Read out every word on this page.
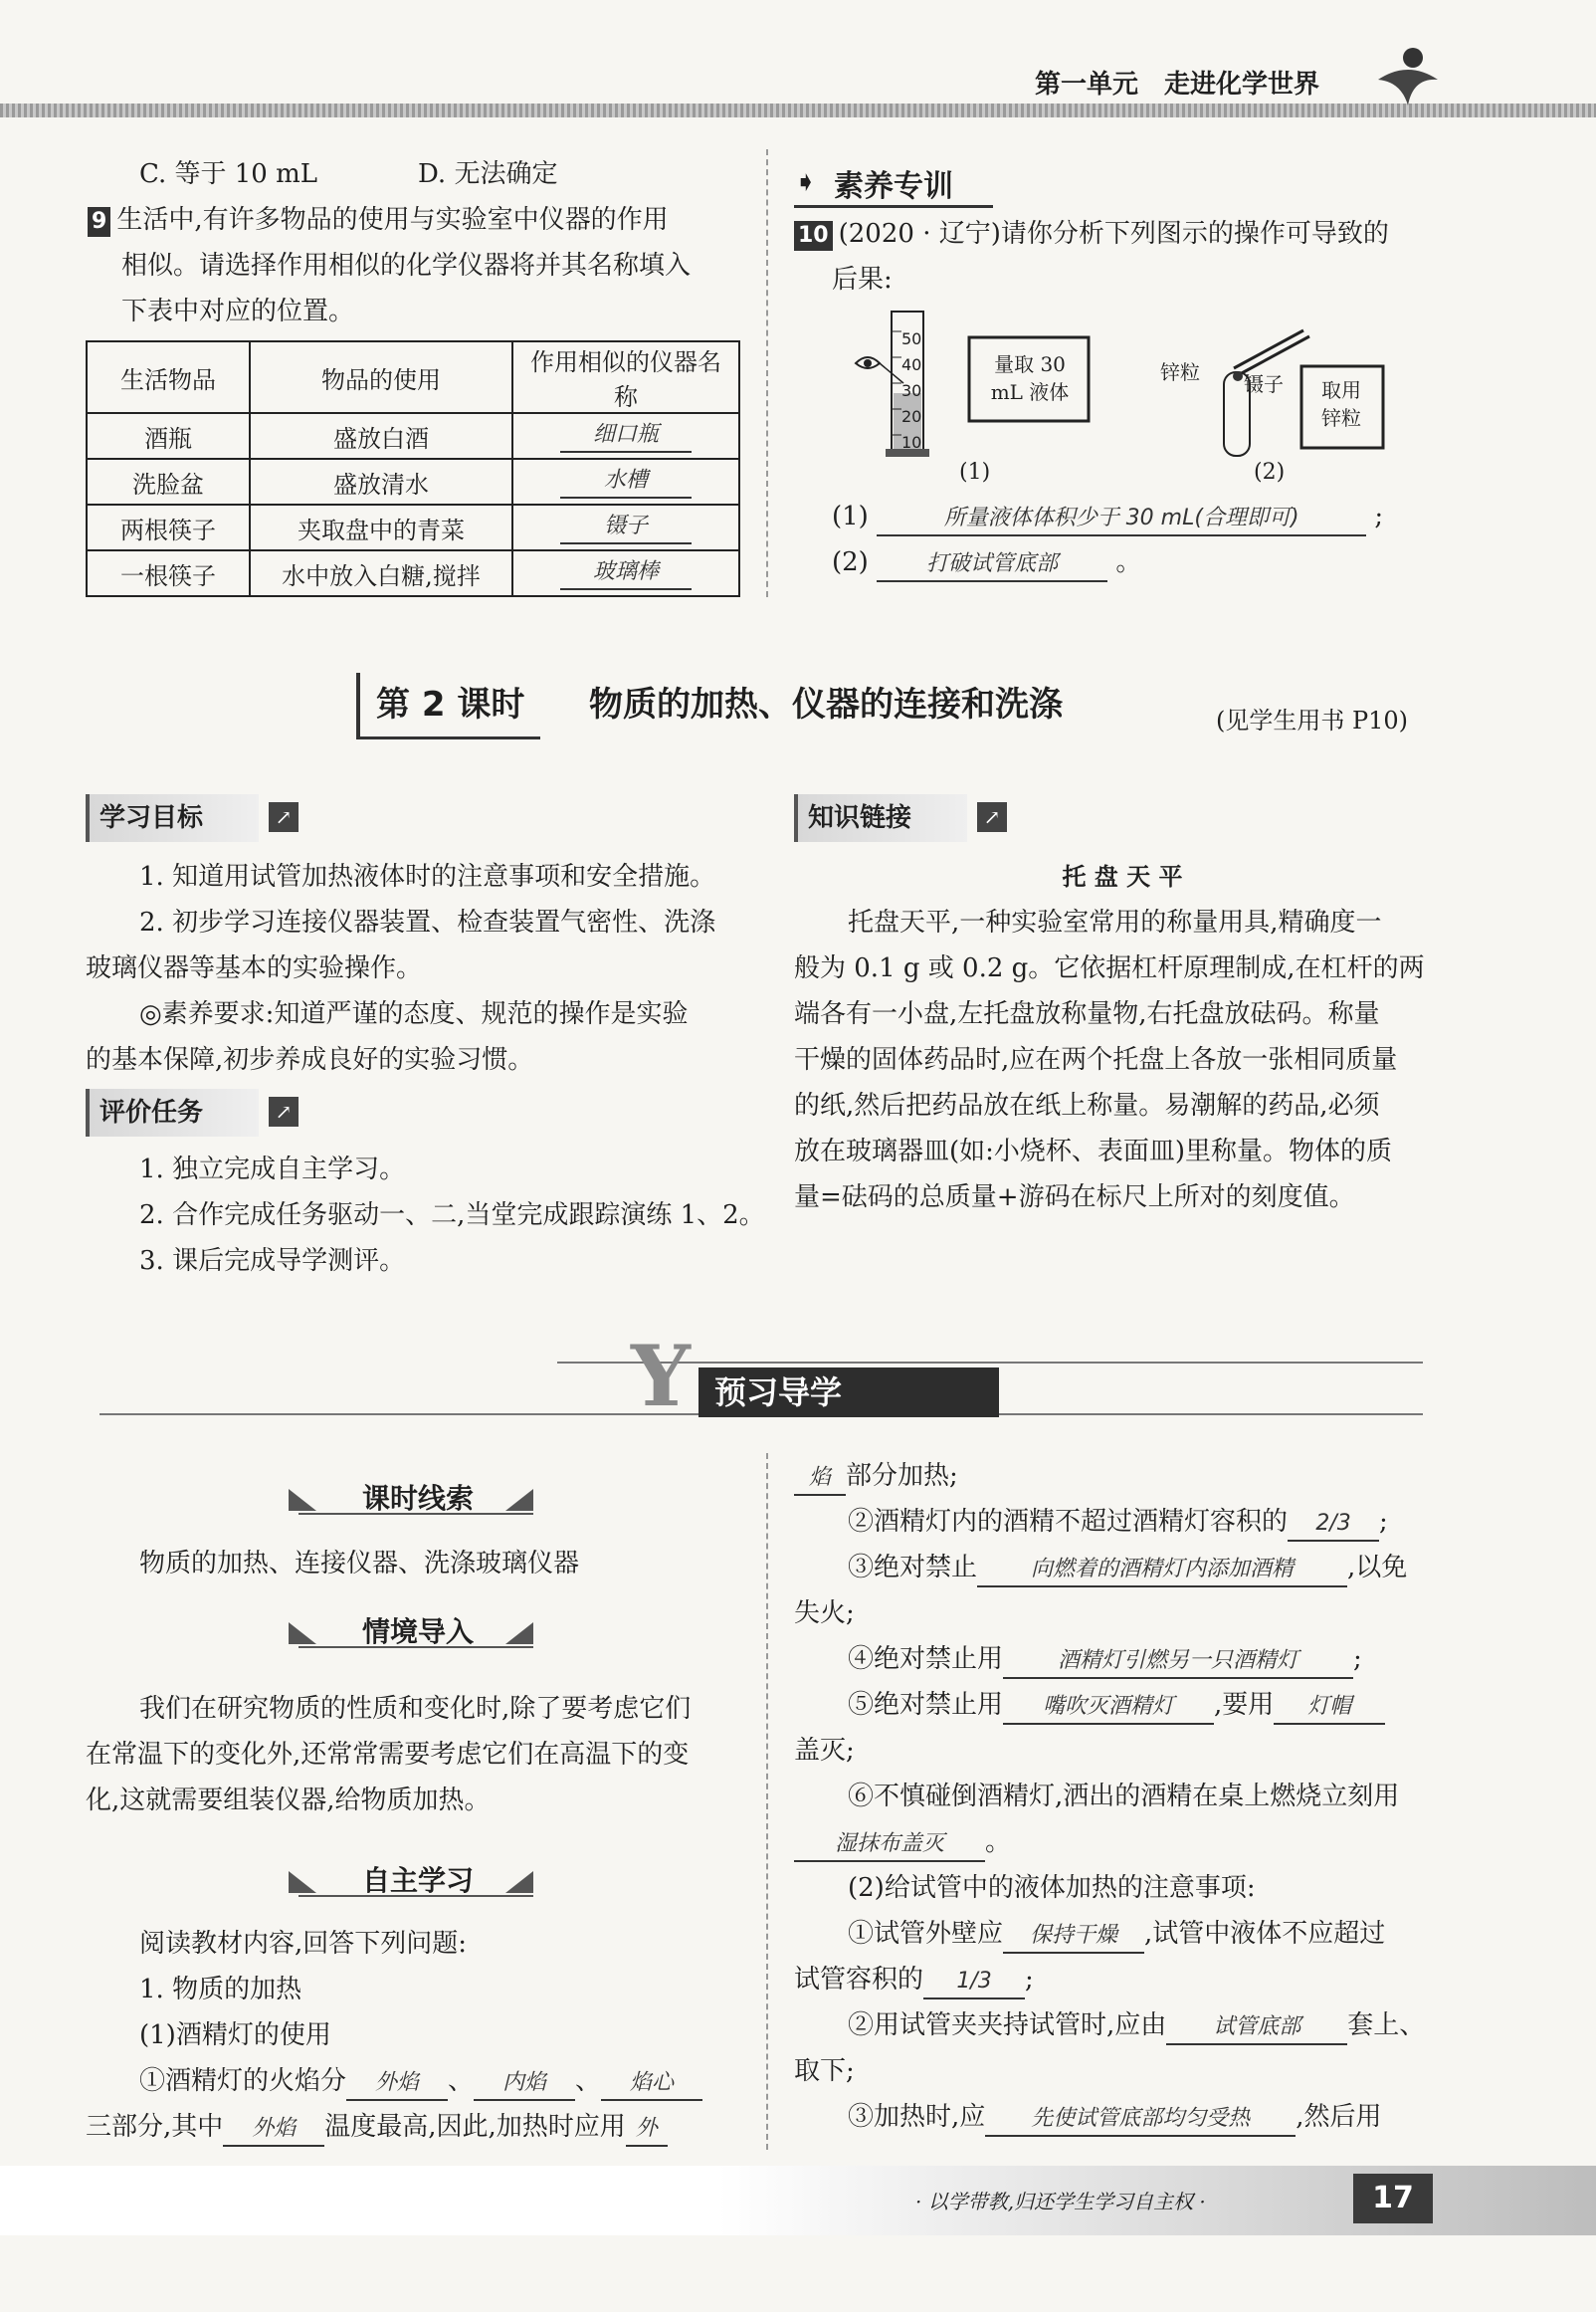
第一单元　走进化学世界
C. 等于 10 mL	D. 无法确定
9 生活中,有许多物品的使用与实验室中仪器的作用
相似。请选择作用相似的化学仪器将并其名称填入
下表中对应的位置。
生活物品	物品的使用	作用相似的仪器名称
酒瓶	盛放白酒	细口瓶
洗脸盆	盛放清水	水槽
两根筷子	夹取盘中的青菜	镊子
一根筷子	水中放入白糖,搅拌	玻璃棒
➧ 素养专训
10 (2020 · 辽宁)请你分析下列图示的操作可导致的
后果:
50
40
30
20
10
量取 30 mL 液体
(1)
锌粒 镊子	取用 锌粒
(2)
(1)	所量液体体积少于 30 mL(合理即可)	;
(2)	打破试管底部 。
第 2 课时	物质的加热、仪器的连接和洗涤	(见学生用书 P10)
学习目标	↗
1. 知道用试管加热液体时的注意事项和安全措施。
2. 初步学习连接仪器装置、检查装置气密性、洗涤
玻璃仪器等基本的实验操作。
◎素养要求:知道严谨的态度、规范的操作是实验
的基本保障,初步养成良好的实验习惯。
评价任务	↗
1. 独立完成自主学习。
2. 合作完成任务驱动一、二,当堂完成跟踪演练 1、2。
3. 课后完成导学测评。
知识链接	↗
托 盘 天 平
托盘天平,一种实验室常用的称量用具,精确度一
般为 0.1 g 或 0.2 g。它依据杠杆原理制成,在杠杆的两
端各有一小盘,左托盘放称量物,右托盘放砝码。称量
干燥的固体药品时,应在两个托盘上各放一张相同质量
的纸,然后把药品放在纸上称量。易潮解的药品,必须
放在玻璃器皿(如:小烧杯、表面皿)里称量。物体的质
量=砝码的总质量+游码在标尺上所对的刻度值。
Y 预习导学
课时线索
物质的加热、连接仪器、洗涤玻璃仪器
情境导入
我们在研究物质的性质和变化时,除了要考虑它们
在常温下的变化外,还常常需要考虑它们在高温下的变
化,这就需要组装仪器,给物质加热。
自主学习
阅读教材内容,回答下列问题:
1. 物质的加热
(1)酒精灯的使用
①酒精灯的火焰分 外焰 、 内焰 、 焰心
三部分,其中 外焰 温度最高,因此,加热时应用 外
焰 部分加热;
②酒精灯内的酒精不超过酒精灯容积的 2/3 ;
③绝对禁止 向燃着的酒精灯内添加酒精 ,以免
失火;
④绝对禁止用 酒精灯引燃另一只酒精灯 ;
⑤绝对禁止用 嘴吹灭酒精灯 ,要用 灯帽
盖灭;
⑥不慎碰倒酒精灯,洒出的酒精在桌上燃烧立刻用
湿抹布盖灭 。
(2)给试管中的液体加热的注意事项:
①试管外壁应 保持干燥 ,试管中液体不应超过
试管容积的 1/3 ;
②用试管夹夹持试管时,应由 试管底部 套上、
取下;
③加热时,应 先使试管底部均匀受热 ,然后用
· 以学带教,归还学生学习自主权 ·	17
